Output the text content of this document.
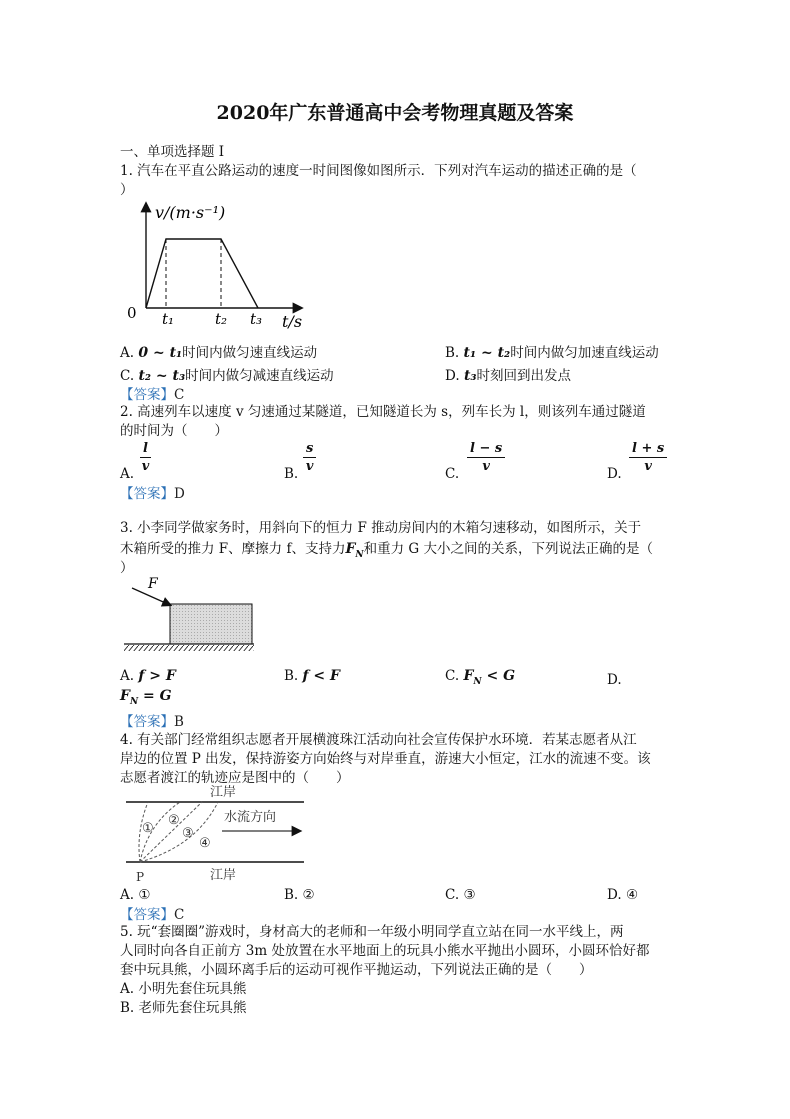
2020年广东普通高中会考物理真题及答案
一、单项选择题 I
1. 汽车在平直公路运动的速度一时间图像如图所示．下列对汽车运动的描述正确的是（
）
v/(m·s⁻¹)
0 t₁	t₂ t₃ t/s
A. 0 ~ t₁时间内做匀速直线运动	B. t₁ ~ t₂时间内做匀加速直线运动
C. t₂ ~ t₃时间内做匀减速直线运动	D. t₃时刻回到出发点
【答案】C
2. 高速列车以速度 v 匀速通过某隧道，已知隧道长为 s，列车长为 l，则该列车通过隧道
的时间为（　　）
A.
l
v	B.
s
v	C.
l − s
v	D.
l + s
v
【答案】D
3. 小李同学做家务时，用斜向下的恒力 F 推动房间内的木箱匀速移动，如图所示，关于
木箱所受的推力 F、摩擦力 f、支持力$F_N$和重力 G 大小之间的关系，下列说法正确的是（
）
F
A. f > F	B. f < F	C. $F_N < G$	D.
$F_N = G$
【答案】B
4. 有关部门经常组织志愿者开展横渡珠江活动向社会宣传保护水环境．若某志愿者从江
岸边的位置 P 出发，保持游姿方向始终与对岸垂直，游速大小恒定，江水的流速不变。该
志愿者渡江的轨迹应是图中的（　　）
江岸
江岸
P
①
②
③
④
水流方向
A. ①	B. ②	C. ③	D. ④
【答案】C
5. 玩“套圈圈”游戏时，身材高大的老师和一年级小明同学直立站在同一水平线上，两
人同时向各自正前方 3m 处放置在水平地面上的玩具小熊水平抛出小圆环，小圆环恰好都
套中玩具熊，小圆环离手后的运动可视作平抛运动，下列说法正确的是（　　）
A. 小明先套住玩具熊
B. 老师先套住玩具熊
